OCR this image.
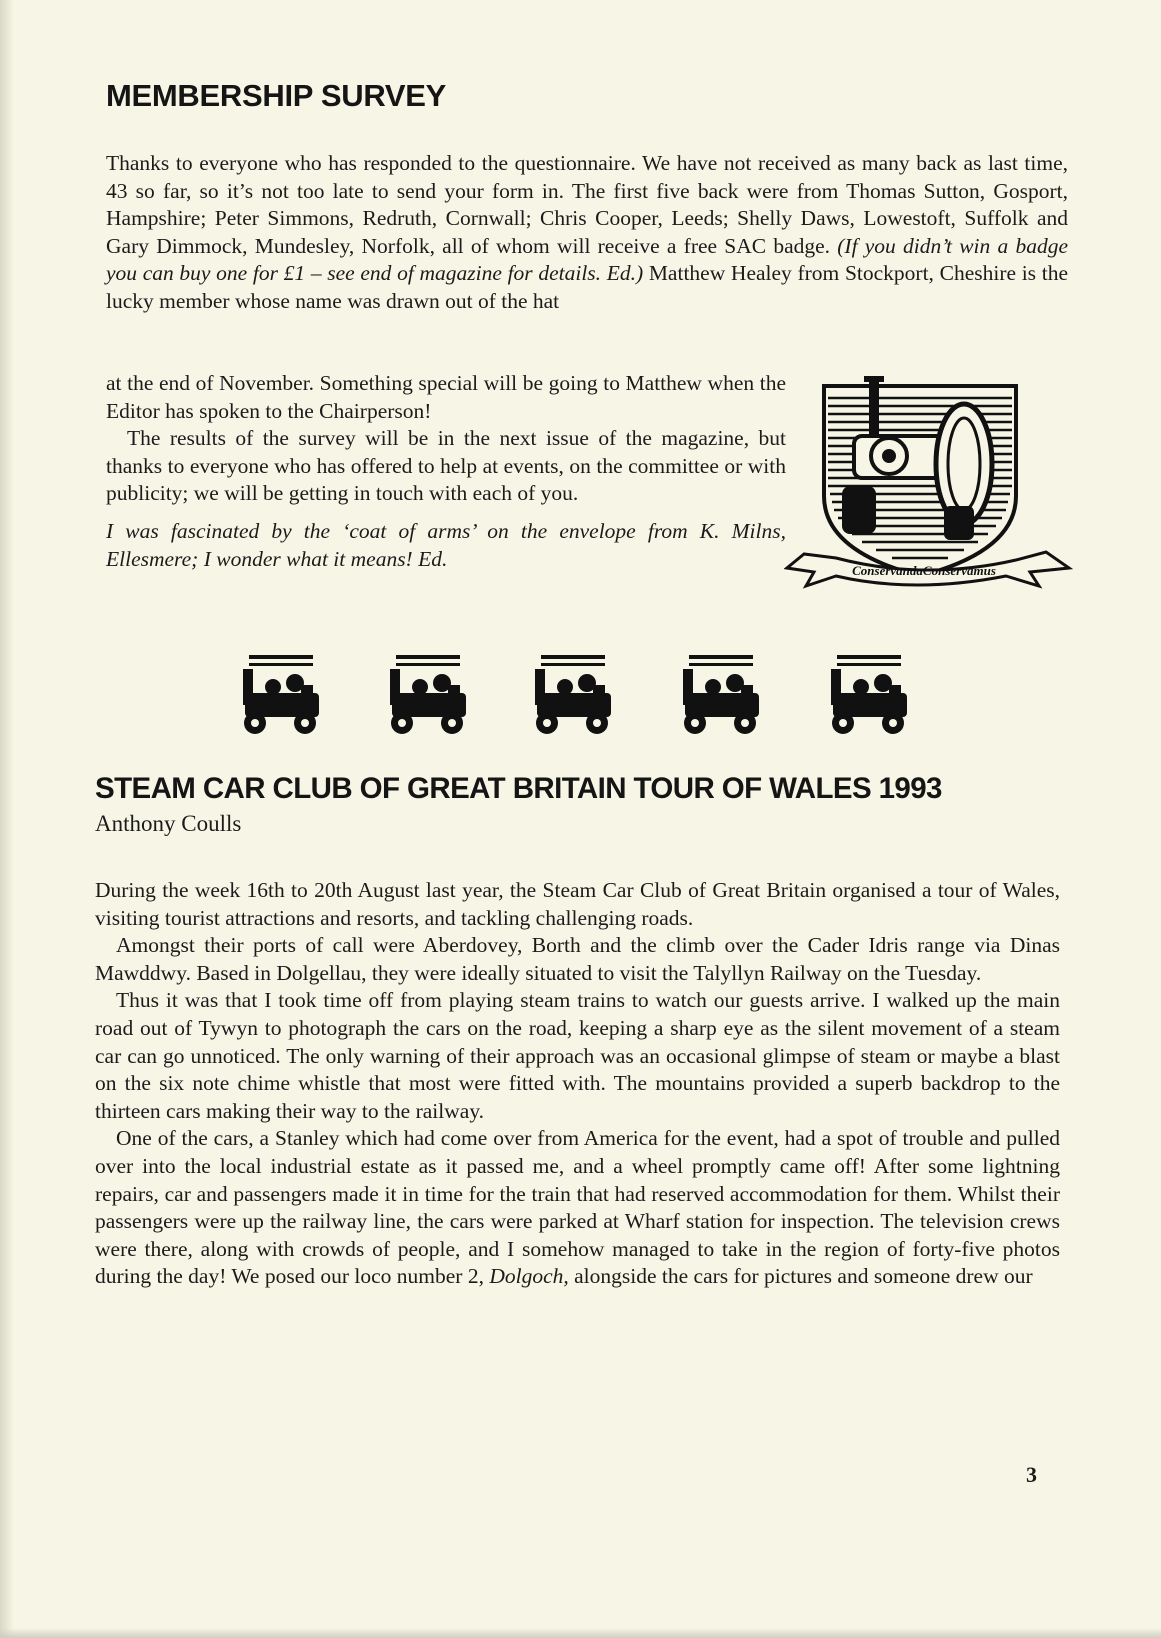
MEMBERSHIP SURVEY

Thanks to everyone who has responded to the questionnaire. We have not received as many back as last time, 43 so far, so it’s not too late to send your form in. The first five back were from Thomas Sutton, Gosport, Hampshire; Peter Simmons, Redruth, Cornwall; Chris Cooper, Leeds; Shelly Daws, Lowestoft, Suffolk and Gary Dimmock, Mundesley, Norfolk, all of whom will receive a free SAC badge. (If you didn’t win a badge you can buy one for £1 – see end of magazine for details. Ed.) Matthew Healey from Stockport, Cheshire is the lucky member whose name was drawn out of the hat

at the end of November. Something special will be going to Matthew when the Editor has spoken to the Chairperson!

The results of the survey will be in the next issue of the magazine, but thanks to everyone who has offered to help at events, on the committee or with publicity; we will be getting in touch with each of you.

I was fascinated by the ‘coat of arms’ on the envelope from K. Milns, Ellesmere; I wonder what it means! Ed.	ConservandaConservamus
STEAM CAR CLUB OF GREAT BRITAIN TOUR OF WALES 1993
Anthony Coulls

During the week 16th to 20th August last year, the Steam Car Club of Great Britain organised a tour of Wales, visiting tourist attractions and resorts, and tackling challenging roads.

Amongst their ports of call were Aberdovey, Borth and the climb over the Cader Idris range via Dinas Mawddwy. Based in Dolgellau, they were ideally situated to visit the Talyllyn Railway on the Tuesday.

Thus it was that I took time off from playing steam trains to watch our guests arrive. I walked up the main road out of Tywyn to photograph the cars on the road, keeping a sharp eye as the silent movement of a steam car can go unnoticed. The only warning of their approach was an occasional glimpse of steam or maybe a blast on the six note chime whistle that most were fitted with. The mountains provided a superb backdrop to the thirteen cars making their way to the railway.

One of the cars, a Stanley which had come over from America for the event, had a spot of trouble and pulled over into the local industrial estate as it passed me, and a wheel promptly came off! After some lightning repairs, car and passengers made it in time for the train that had reserved accommodation for them. Whilst their passengers were up the railway line, the cars were parked at Wharf station for inspection. The television crews were there, along with crowds of people, and I somehow managed to take in the region of forty-five photos during the day! We posed our loco number 2, Dolgoch, alongside the cars for pictures and someone drew our

3
